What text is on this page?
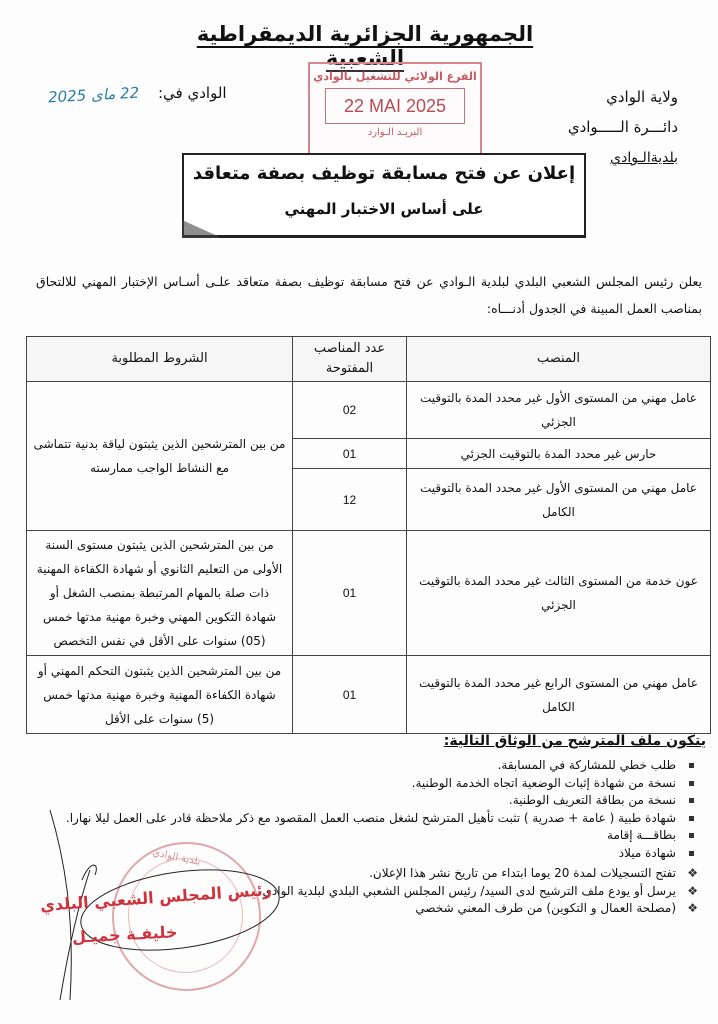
الجمهورية الجزائرية الديمقراطية الشعبية
ولاية الوادي
دائـــرة الـــــوادي
بلديةالـوادي
الوادي في:
22 ماى 2025
الفرع الولائي للتشغيل بالوادي
22 MAI 2025
البريـد الـوارد
إعلان عن فتح مسابقة توظيف بصفة متعاقد
على أساس الاختبار المهني
يعلن رئيس المجلس الشعبي البلدي لبلدية الـوادي عن فتح مسابقة توظيف بصفة متعاقد علـى أسـاس الإختبار المهني للالتحاق بمناصب العمل المبينة في الجدول أدنـــاه:
المنصب	عدد المناصب المفتوحة	الشروط المطلوبة
عامل مهني من المستوى الأول غير محدد المدة بالتوقيت الجزئي	02	من بين المترشحين الذين يثبتون لياقة بدنية تتماشى مع النشاط الواجب ممارسته
حارس غير محدد المدة بالتوقيت الجزئي	01	
عامل مهني من المستوى الأول غير محدد المدة بالتوقيت الكامل	12	
عون خدمة من المستوى الثالث غير محدد المدة بالتوقيت الجزئي	01	من بين المترشحين الذين يثبتون مستوى السنة الأولى من التعليم الثانوي أو شهادة الكفاءة المهنية ذات صلة بالمهام المرتبطة بمنصب الشغل أو شهادة التكوين المهني وخبرة مهنية مدتها خمس (05) سنوات على الأقل في نفس التخصص
عامل مهني من المستوى الرابع غير محدد المدة بالتوقيت الكامل	01	من بين المترشحين الذين يثبتون التحكم المهني أو شهادة الكفاءة المهنية وخبرة مهنية مدتها خمس (5) سنوات على الأقل
يتكون ملف المترشح من الوثاق التالية:
طلب خطي للمشاركة في المسابقة.
نسخة من شهادة إثبات الوضعية اتجاه الخدمة الوطنية.
نسخة من بطاقة التعريف الوطنية.
شهادة طبية ( عامة + صدرية ) تثبت تأهيل المترشح لشغل منصب العمل المقصود مع ذكر ملاحظة قادر على العمل ليلا نهارا.
بطاقـــة إقامة
شهادة ميلاد
❖
تفتح التسجيلات لمدة 20 يوما ابتداء من تاريخ نشر هذا الإعلان.
❖
يرسل أو يودع ملف الترشيح لدى السيد/ رئيس المجلس الشعبي البلدي لبلدية الوادي
❖
(مصلحة العمال و التكوين) من طرف المعني شخصي
بلدية الوادي
رئيس المجلس الشعبي البلدي
خليفـة جميـل
